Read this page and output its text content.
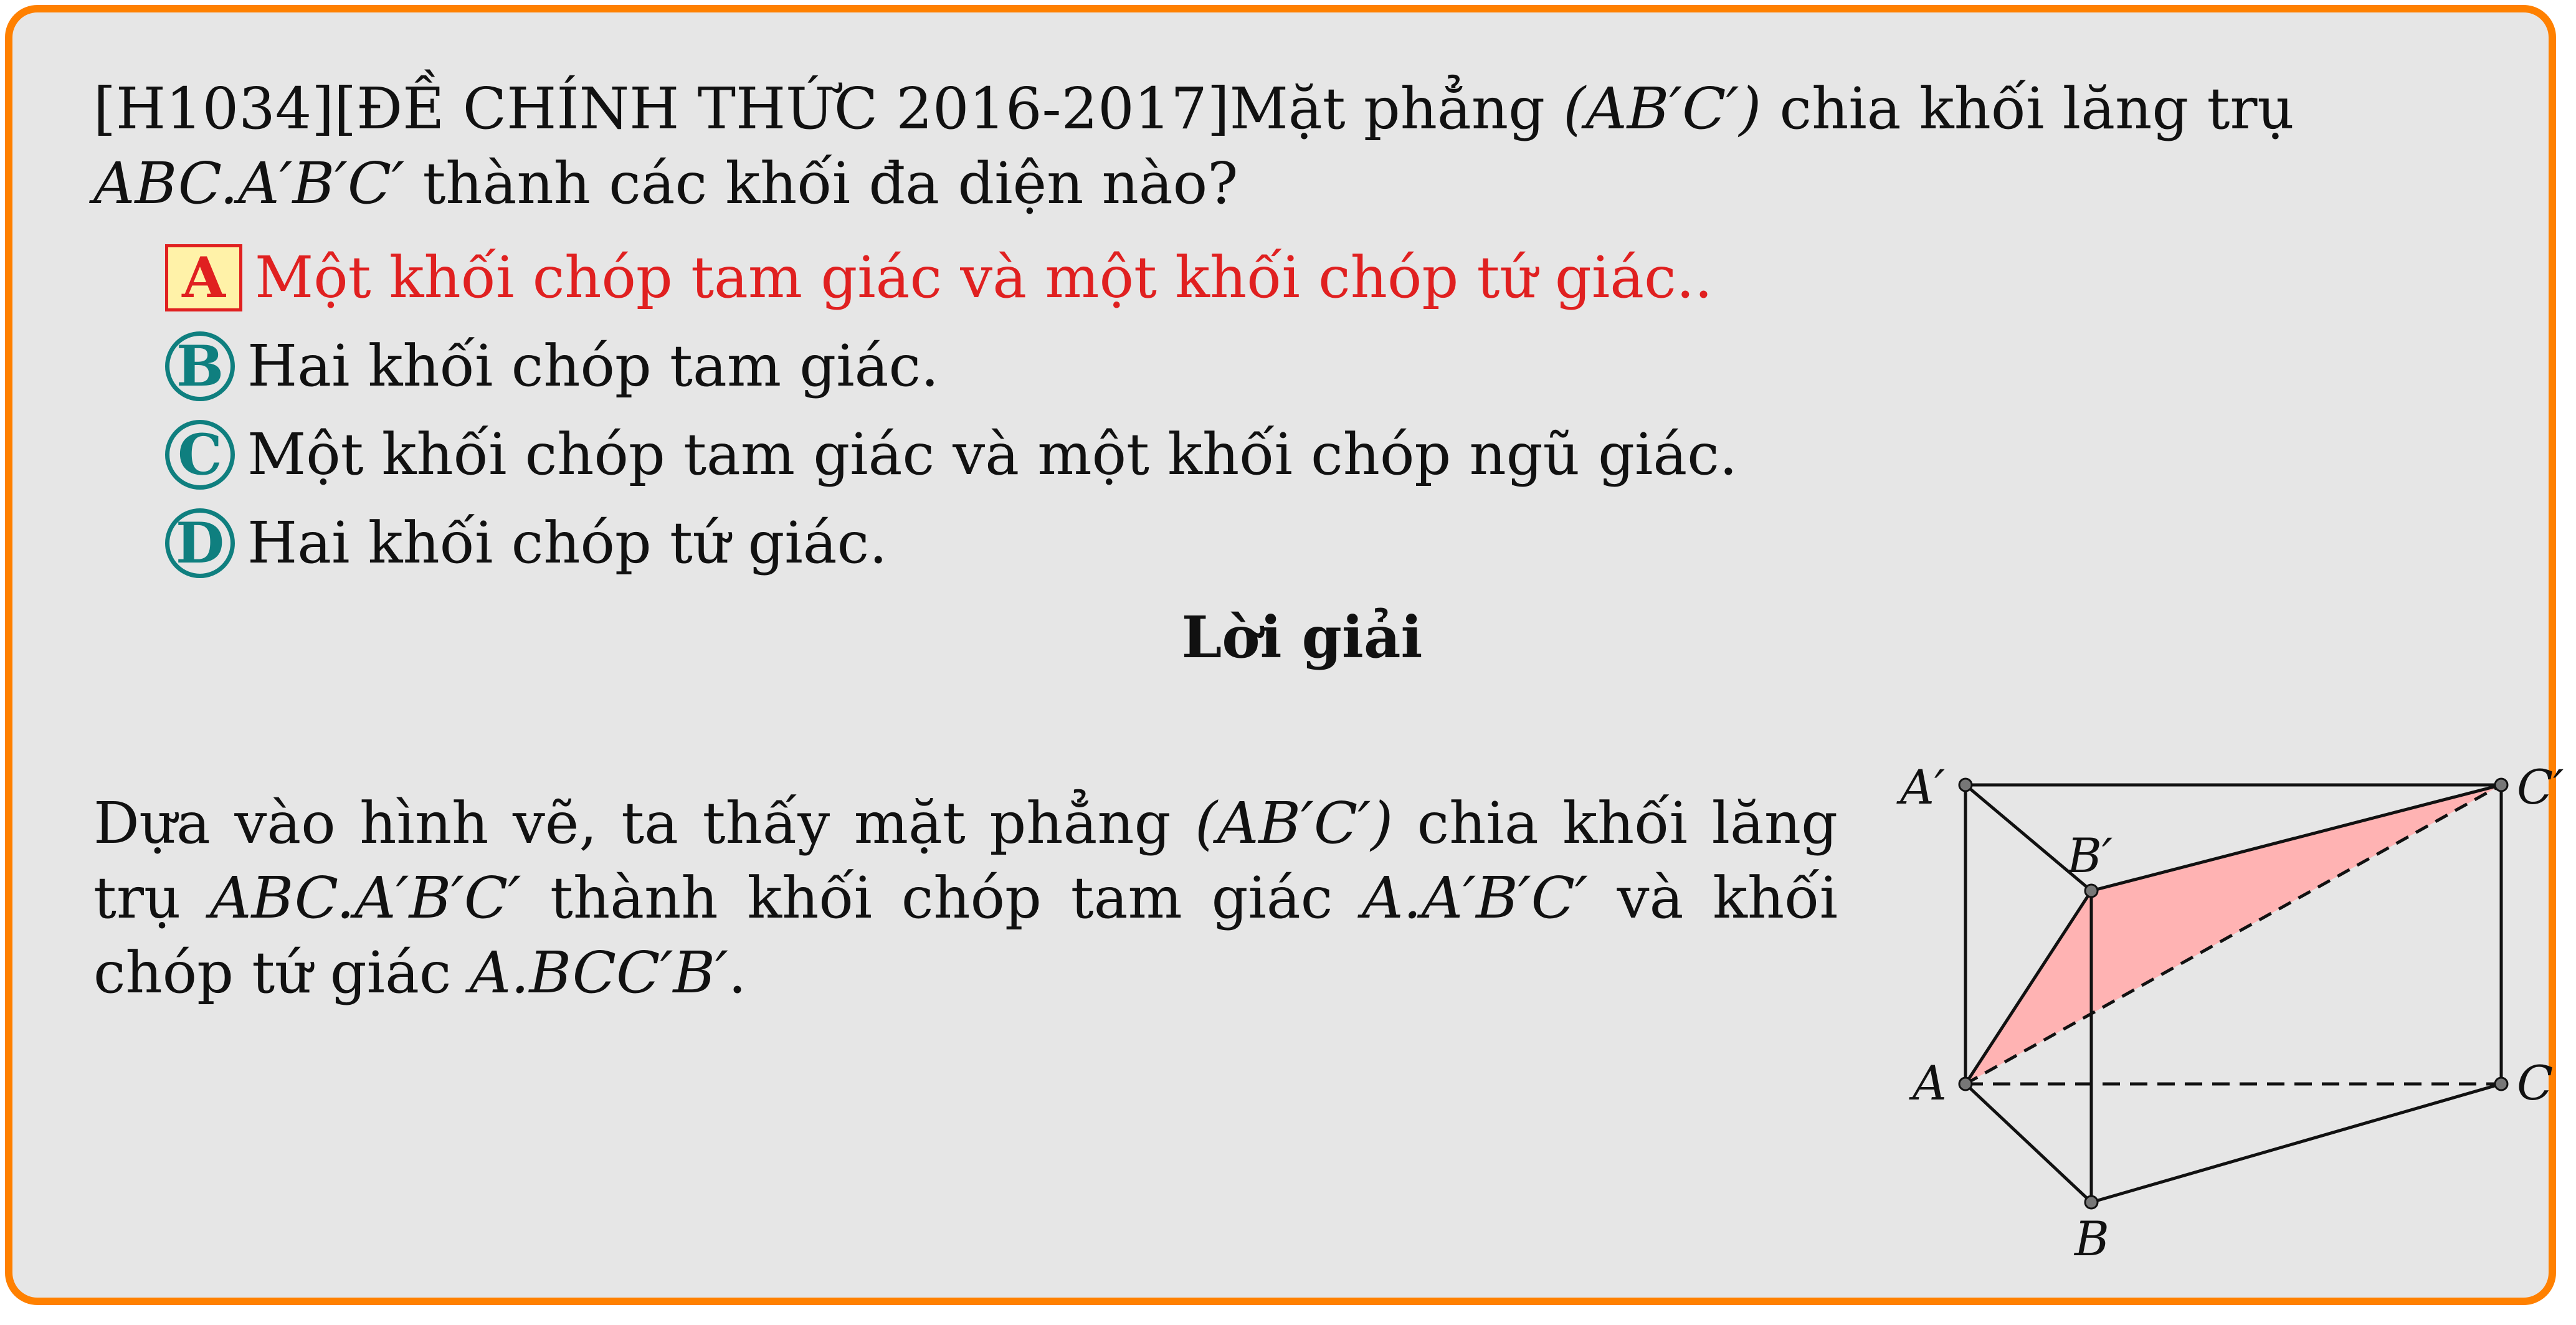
[H1034][ĐỀ CHÍNH THỨC 2016-2017]Mặt phẳng (AB′C′) chia khối lăng trụ ABC.A′B′C′ thành các khối đa diện nào?

A Một khối chóp tam giác và một khối chóp tứ giác..
B Hai khối chóp tam giác.
C Một khối chóp tam giác và một khối chóp ngũ giác.
D Hai khối chóp tứ giác.

Lời giải

Dựa vào hình vẽ, ta thấy mặt phẳng (AB′C′) chia khối lăng trụ ABC.A′B′C′ thành khối chóp tam giác A.A′B′C′ và khối chóp tứ giác A.BCC′B′.

A′
B′
C′
A
B
C
